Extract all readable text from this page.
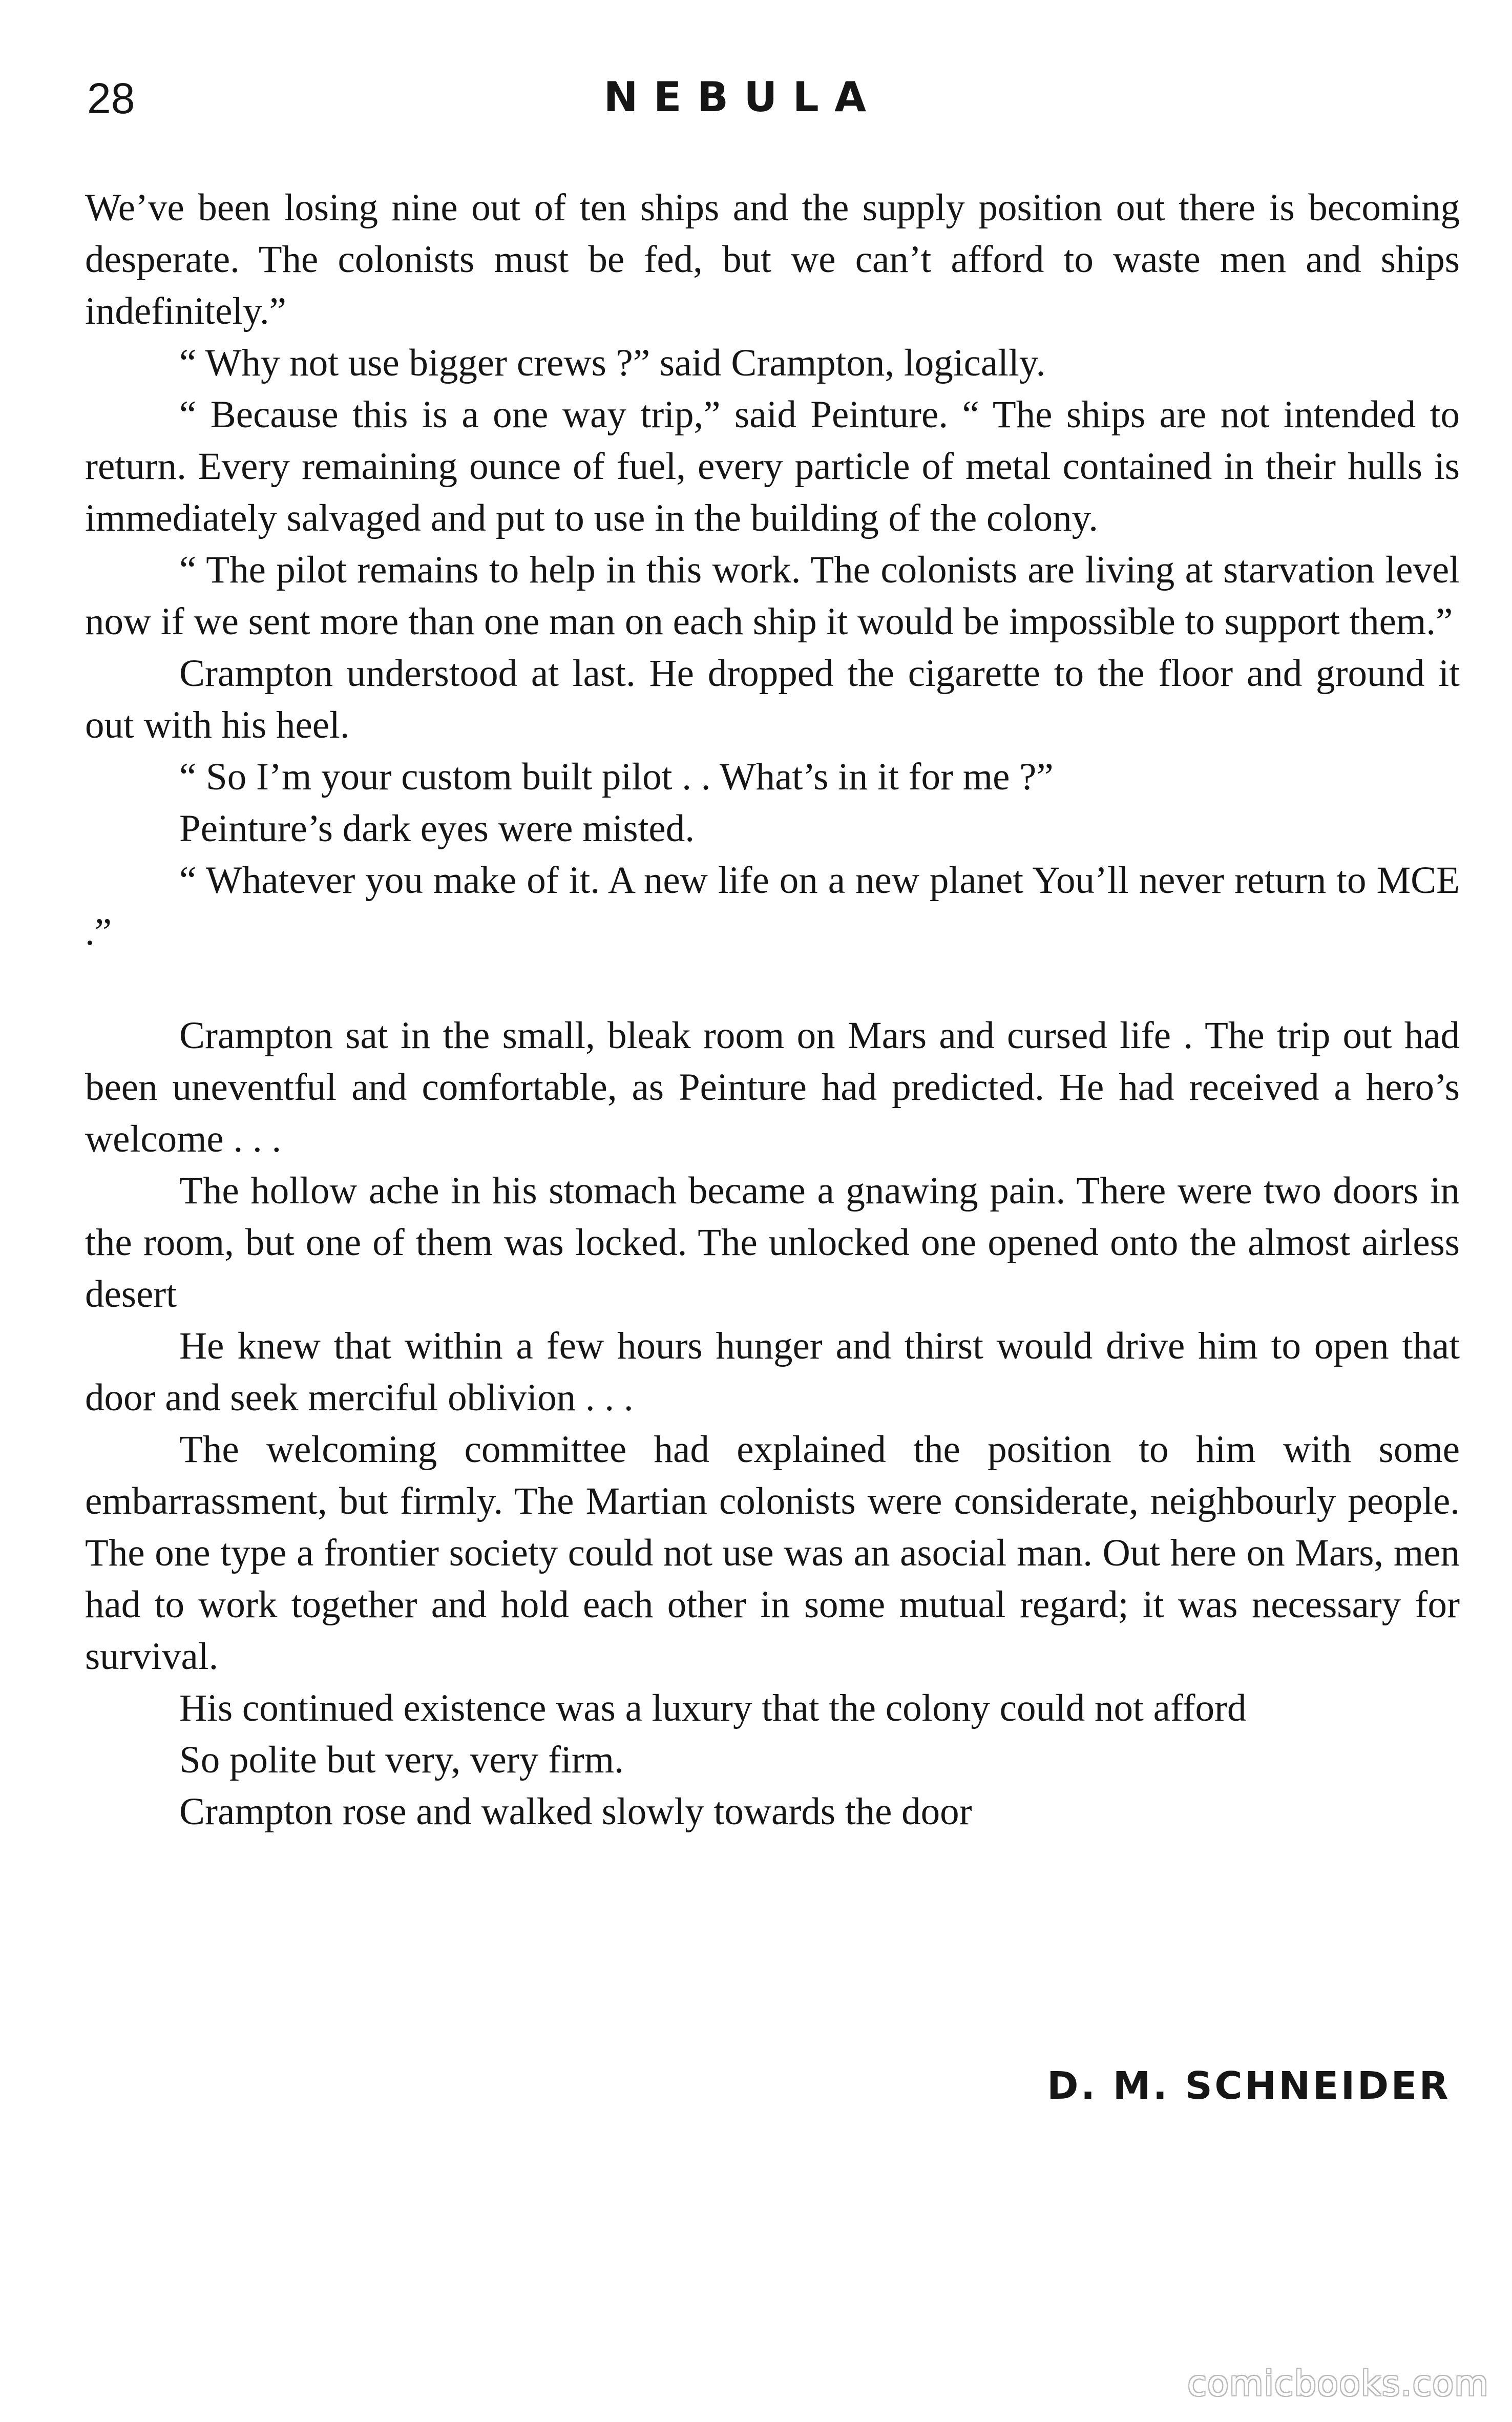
28	NEBULA

We’ve been losing nine out of ten ships and the supply position out there is becoming desperate. The colonists must be fed, but we can’t afford to waste men and ships indefinitely.”

“ Why not use bigger crews ?” said Crampton, logically.

“ Because this is a one way trip,” said Peinture. “ The ships are not intended to return. Every remaining ounce of fuel, every particle of metal contained in their hulls is immediately salvaged and put to use in the building of the colony.

“ The pilot remains to help in this work. The colonists are living at starvation level now if we sent more than one man on each ship it would be impossible to support them.”

Crampton understood at last. He dropped the cigarette to the floor and ground it out with his heel.

“ So I’m your custom built pilot . . What’s in it for me ?”

Peinture’s dark eyes were misted.

“ Whatever you make of it. A new life on a new planet You’ll never return to MCE .”

Crampton sat in the small, bleak room on Mars and cursed life . The trip out had been uneventful and comfortable, as Peinture had predicted. He had received a hero’s welcome . . .

The hollow ache in his stomach became a gnawing pain. There were two doors in the room, but one of them was locked. The unlocked one opened onto the almost airless desert

He knew that within a few hours hunger and thirst would drive him to open that door and seek merciful oblivion . . .

The welcoming committee had explained the position to him with some embarrassment, but firmly. The Martian colonists were considerate, neighbourly people. The one type a frontier society could not use was an asocial man. Out here on Mars, men had to work together and hold each other in some mutual regard; it was necessary for survival.

His continued existence was a luxury that the colony could not afford

So polite but very, very firm.

Crampton rose and walked slowly towards the door

D. M. SCHNEIDER
comicbooks.com
